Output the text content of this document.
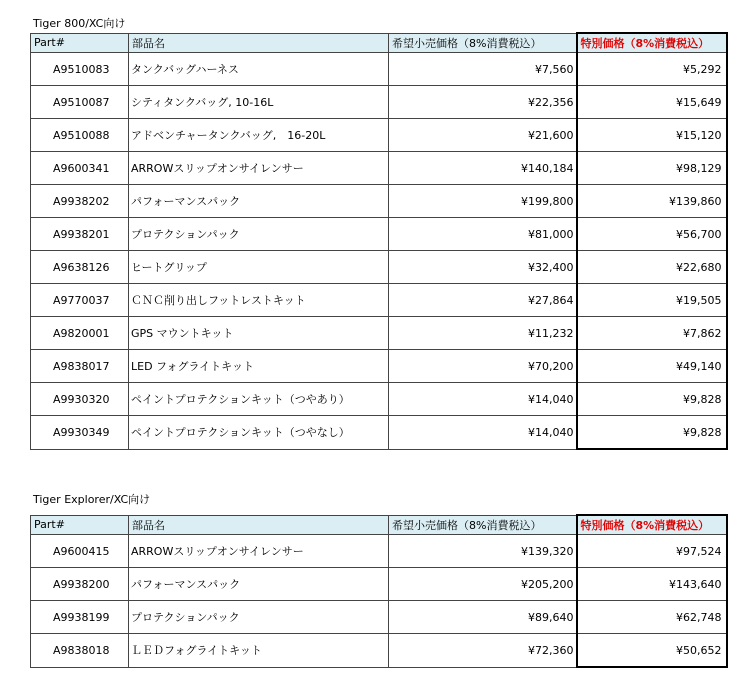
Tiger 800/XC向け
Part#	部品名	希望小売価格（8%消費税込）	特別価格（8%消費税込）
A9510083	タンクバッグハーネス	¥7,560	¥5,292
A9510087	シティタンクバッグ, 10-16L	¥22,356	¥15,649
A9510088	アドベンチャータンクバッグ,　16-20L	¥21,600	¥15,120
A9600341	ARROWスリップオンサイレンサー	¥140,184	¥98,129
A9938202	パフォーマンスパック	¥199,800	¥139,860
A9938201	プロテクションパック	¥81,000	¥56,700
A9638126	ヒートグリップ	¥32,400	¥22,680
A9770037	ＣＮＣ削り出しフットレストキット	¥27,864	¥19,505
A9820001	GPS マウントキット	¥11,232	¥7,862
A9838017	LED フォグライトキット	¥70,200	¥49,140
A9930320	ペイントプロテクションキット（つやあり）	¥14,040	¥9,828
A9930349	ペイントプロテクションキット（つやなし）	¥14,040	¥9,828
Tiger Explorer/XC向け
Part#	部品名	希望小売価格（8%消費税込）	特別価格（8%消費税込）
A9600415	ARROWスリップオンサイレンサー	¥139,320	¥97,524
A9938200	パフォーマンスパック	¥205,200	¥143,640
A9938199	プロテクションパック	¥89,640	¥62,748
A9838018	ＬＥＤフォグライトキット	¥72,360	¥50,652
